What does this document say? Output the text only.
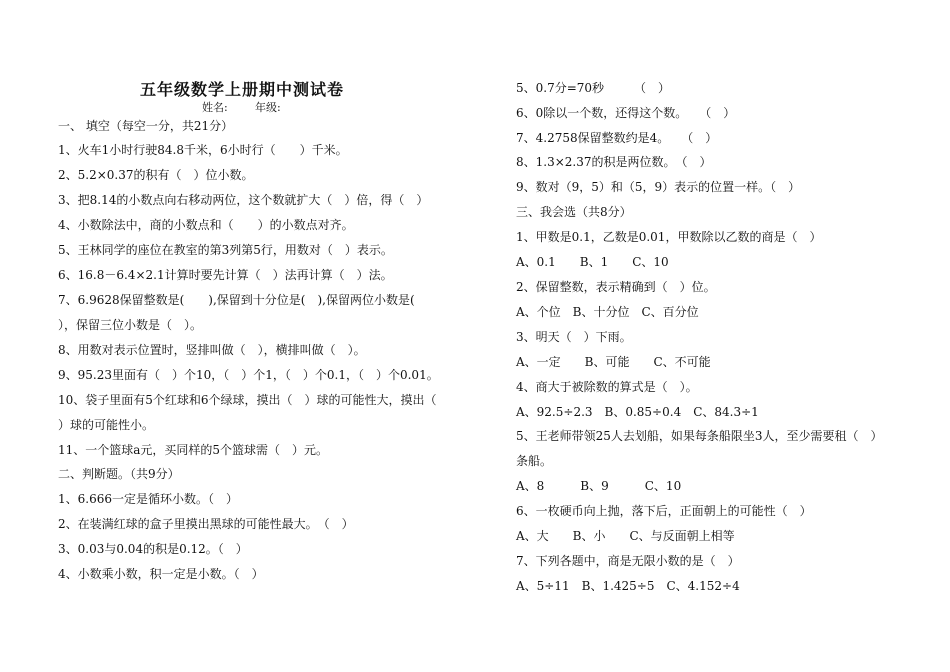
五年级数学上册期中测试卷
姓名: 年级:
一、 填空（每空一分，共21分）
1、火车1小时行驶84.8千米，6小时行（　　）千米。
2、5.2×0.37的积有（　）位小数。
3、把8.14的小数点向右移动两位，这个数就扩大（　）倍，得（　）
4、小数除法中，商的小数点和（　　）的小数点对齐。
5、王林同学的座位在教室的第3列第5行，用数对（　）表示。
6、16.8－6.4×2.1计算时要先计算（　）法再计算（　）法。
7、6.9628保留整数是(　　),保留到十分位是(　),保留两位小数是(
），保留三位小数是（　）。
8、用数对表示位置时，竖排叫做（　），横排叫做（　）。
9、95.23里面有（　）个10，（　）个1，（　）个0.1，（　）个0.01。
10、袋子里面有5个红球和6个绿球，摸出（　）球的可能性大，摸出（
）球的可能性小。
11、一个篮球a元，买同样的5个篮球需（　）元。
二、判断题。（共9分）
1、6.666一定是循环小数。（　）
2、在装满红球的盒子里摸出黑球的可能性最大。　（　）
3、0.03与0.04的积是0.12。（　）
4、小数乘小数，积一定是小数。（　）
5、0.7分=70秒　　　（　）
6、0除以一个数，还得这个数。　　（　）
7、4.2758保留整数约是4。　　（　）
8、1.3×2.37的积是两位数。　（　）
9、数对（9，5）和（5，9）表示的位置一样。（　）
三、我会选（共8分）
1、甲数是0.1，乙数是0.01，甲数除以乙数的商是（　）
A、0.1　　B、1　　C、10
2、保留整数，表示精确到（　）位。
A、个位　B、十分位　C、百分位
3、明天（　）下雨。
A、一定　　B、可能　　C、不可能
4、商大于被除数的算式是（　）。
A、92.5÷2.3　B、0.85÷0.4　C、84.3÷1
5、王老师带领25人去划船，如果每条船限坐3人，至少需要租（　）
条船。
A、8　　　B、9　　　C、10
6、一枚硬币向上抛，落下后，正面朝上的可能性（　）
A、大　　B、小　　C、与反面朝上相等
7、下列各题中，商是无限小数的是（　）
A、5÷11　B、1.425÷5　C、4.152÷4
